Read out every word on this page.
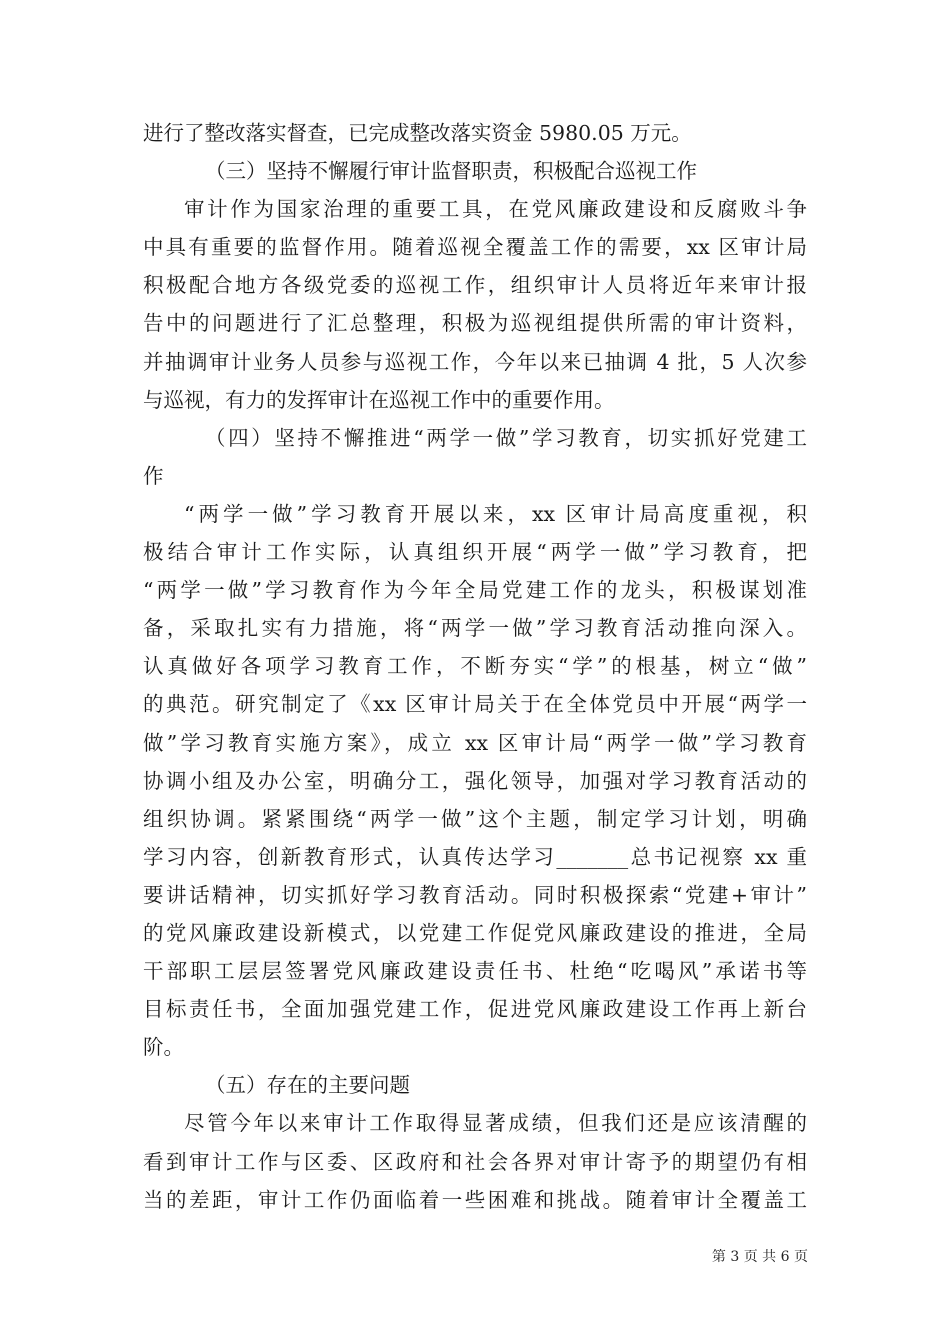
进行了整改落实督查，已完成整改落实资金 5980.05 万元。
（三）坚持不懈履行审计监督职责，积极配合巡视工作
审计作为国家治理的重要工具，在党风廉政建设和反腐败斗争
中具有重要的监督作用。随着巡视全覆盖工作的需要，xx 区审计局
积极配合地方各级党委的巡视工作，组织审计人员将近年来审计报
告中的问题进行了汇总整理，积极为巡视组提供所需的审计资料，
并抽调审计业务人员参与巡视工作，今年以来已抽调 4 批，5 人次参
与巡视，有力的发挥审计在巡视工作中的重要作用。
（四）坚持不懈推进“两学一做”学习教育，切实抓好党建工
作
“两学一做”学习教育开展以来，xx 区审计局高度重视，积
极结合审计工作实际，认真组织开展“两学一做”学习教育，把
“两学一做”学习教育作为今年全局党建工作的龙头，积极谋划准
备，采取扎实有力措施，将“两学一做”学习教育活动推向深入。
认真做好各项学习教育工作，不断夯实“学”的根基，树立“做”
的典范。研究制定了《xx 区审计局关于在全体党员中开展“两学一
做”学习教育实施方案》，成立 xx 区审计局“两学一做”学习教育
协调小组及办公室，明确分工，强化领导，加强对学习教育活动的
组织协调。紧紧围绕“两学一做”这个主题，制定学习计划，明确
学习内容，创新教育形式，认真传达学习_______总书记视察 xx 重
要讲话精神，切实抓好学习教育活动。同时积极探索“党建+审计”
的党风廉政建设新模式，以党建工作促党风廉政建设的推进，全局
干部职工层层签署党风廉政建设责任书、杜绝“吃喝风”承诺书等
目标责任书，全面加强党建工作，促进党风廉政建设工作再上新台
阶。
（五）存在的主要问题
尽管今年以来审计工作取得显著成绩，但我们还是应该清醒的
看到审计工作与区委、区政府和社会各界对审计寄予的期望仍有相
当的差距，审计工作仍面临着一些困难和挑战。随着审计全覆盖工
第 3 页 共 6 页
